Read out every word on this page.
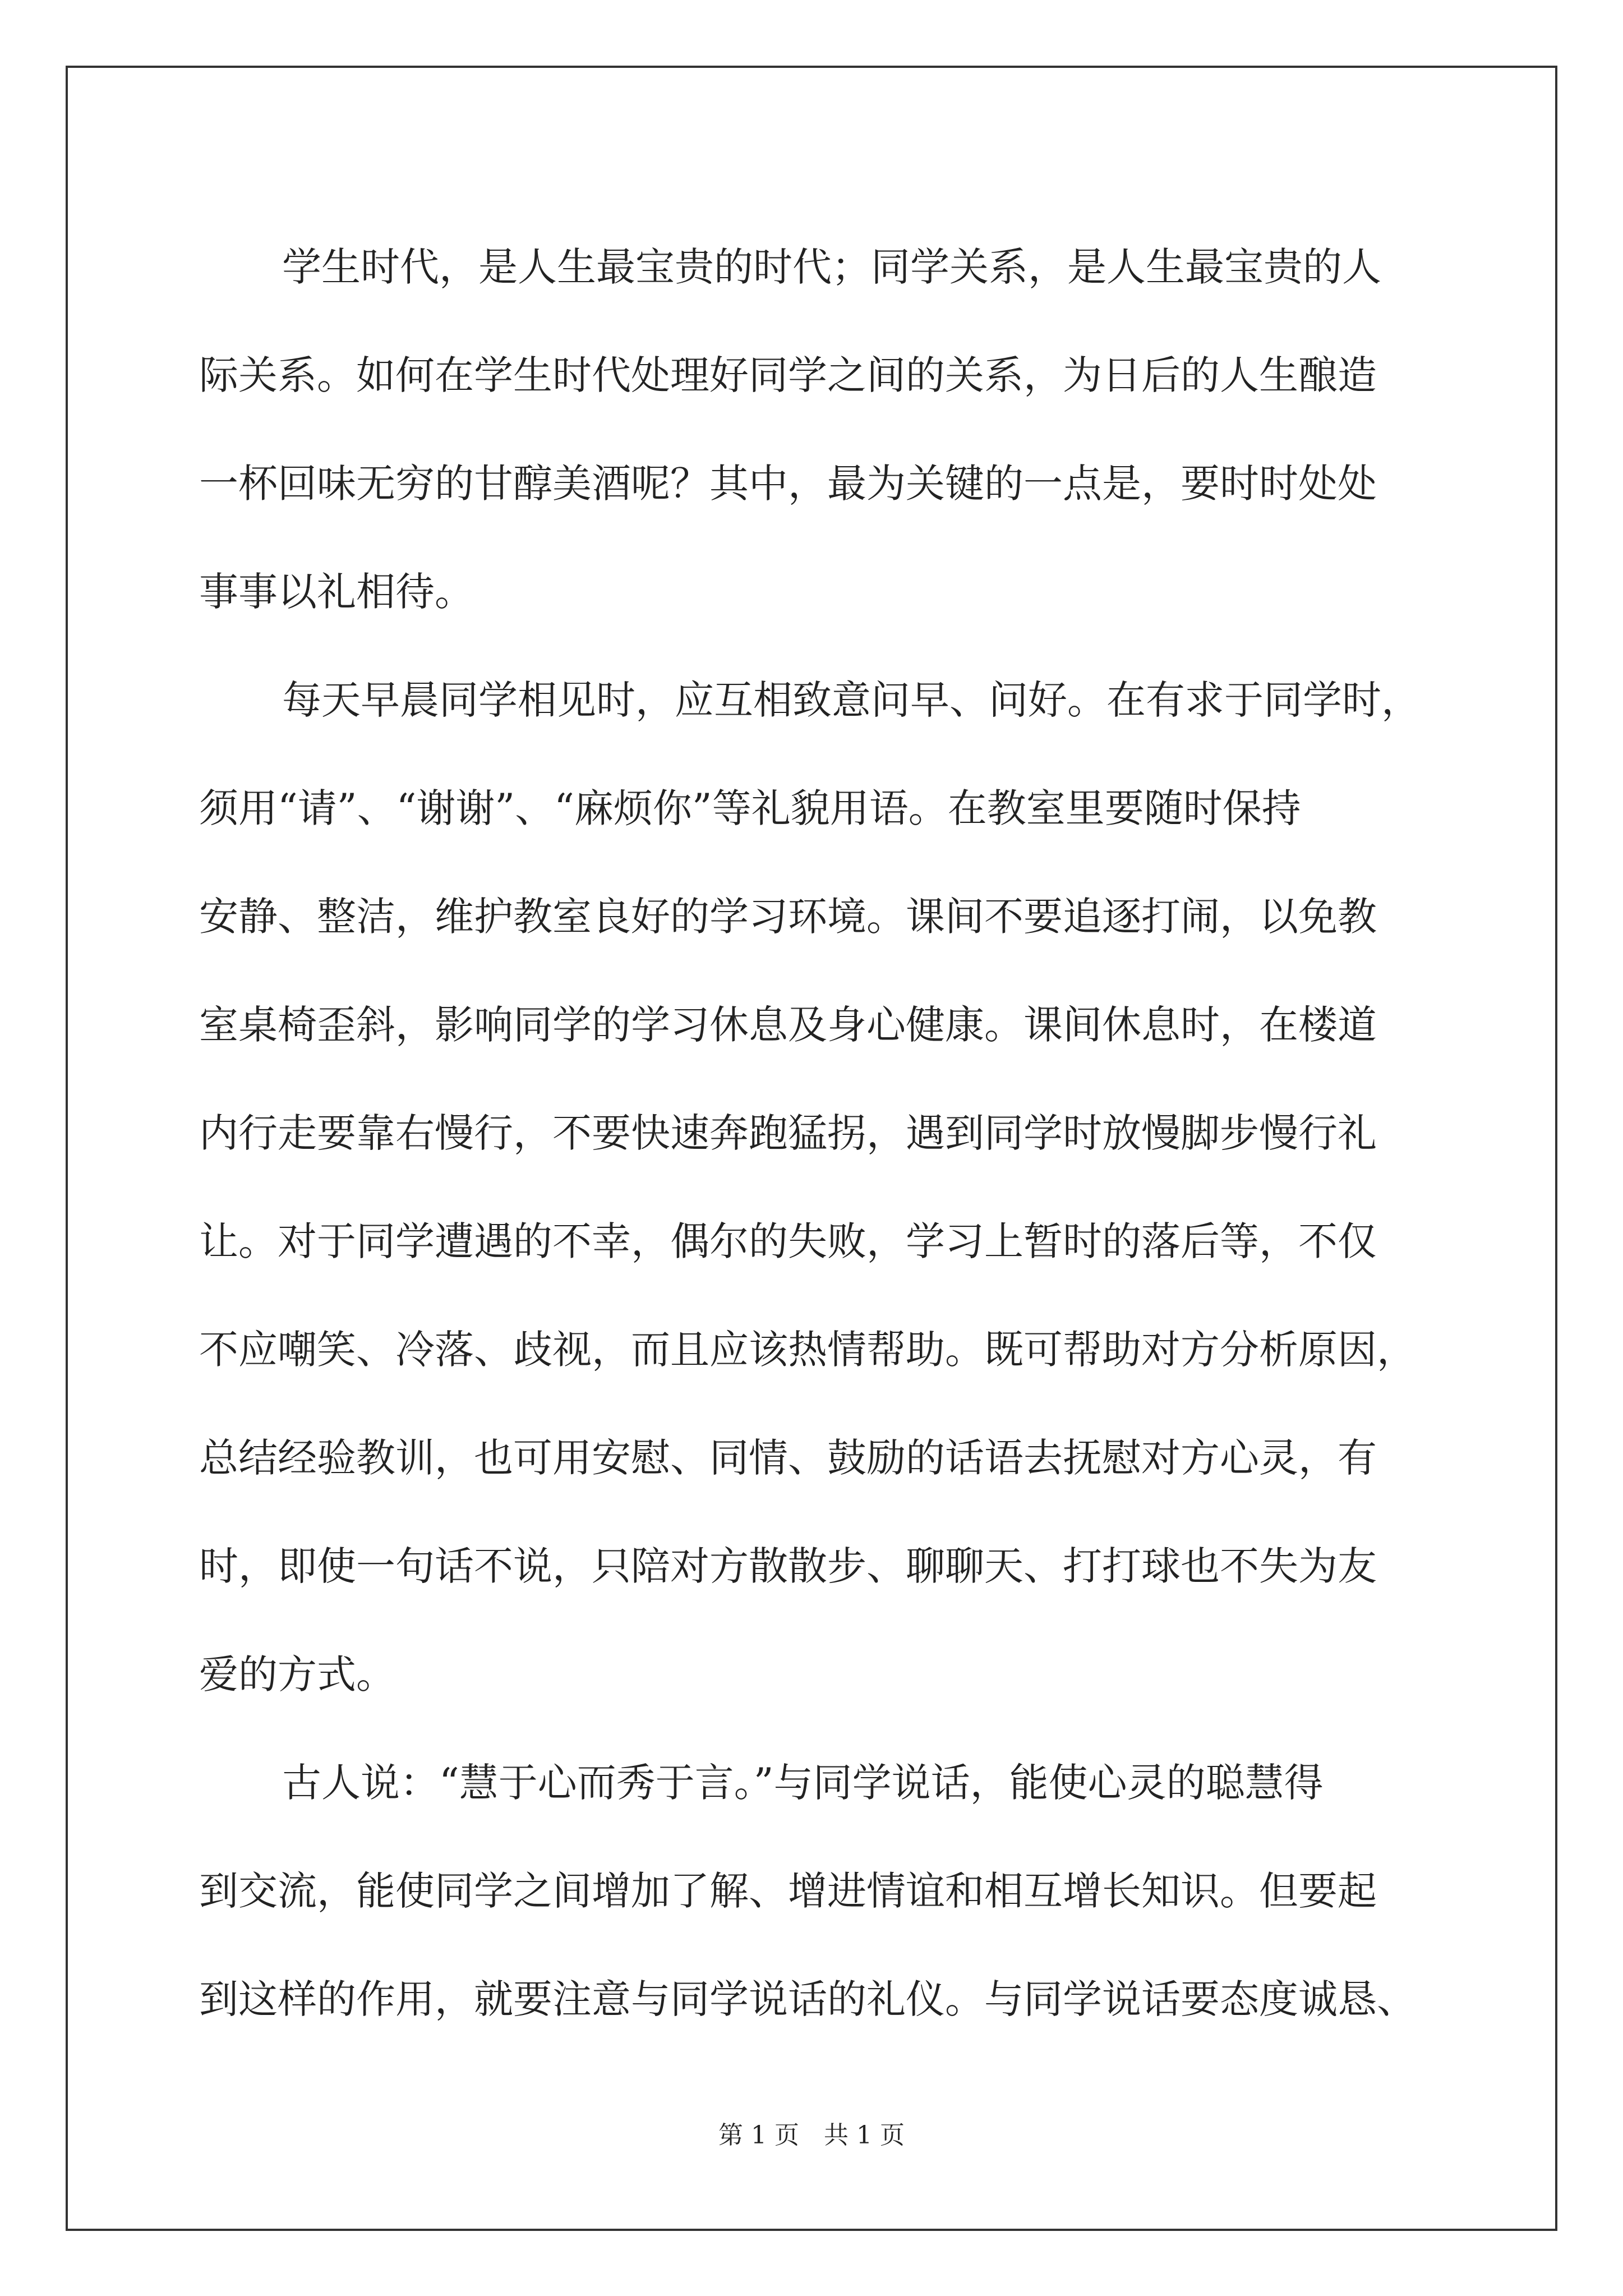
学生时代，是人生最宝贵的时代；同学关系，是人生最宝贵的人
际关系。如何在学生时代处理好同学之间的关系，为日后的人生酿造
一杯回味无穷的甘醇美酒呢？其中，最为关键的一点是，要时时处处
事事以礼相待。
每天早晨同学相见时，应互相致意问早、问好。在有求于同学时，
须用“请”、“谢谢”、“麻烦你”等礼貌用语。在教室里要随时保持
安静、整洁，维护教室良好的学习环境。课间不要追逐打闹，以免教
室桌椅歪斜，影响同学的学习休息及身心健康。课间休息时，在楼道
内行走要靠右慢行，不要快速奔跑猛拐，遇到同学时放慢脚步慢行礼
让。对于同学遭遇的不幸，偶尔的失败，学习上暂时的落后等，不仅
不应嘲笑、冷落、歧视，而且应该热情帮助。既可帮助对方分析原因，
总结经验教训，也可用安慰、同情、鼓励的话语去抚慰对方心灵，有
时，即使一句话不说，只陪对方散散步、聊聊天、打打球也不失为友
爱的方式。
古人说：“慧于心而秀于言。”与同学说话，能使心灵的聪慧得
到交流，能使同学之间增加了解、增进情谊和相互增长知识。但要起
到这样的作用，就要注意与同学说话的礼仪。与同学说话要态度诚恳、
第 1 页　共 1 页
